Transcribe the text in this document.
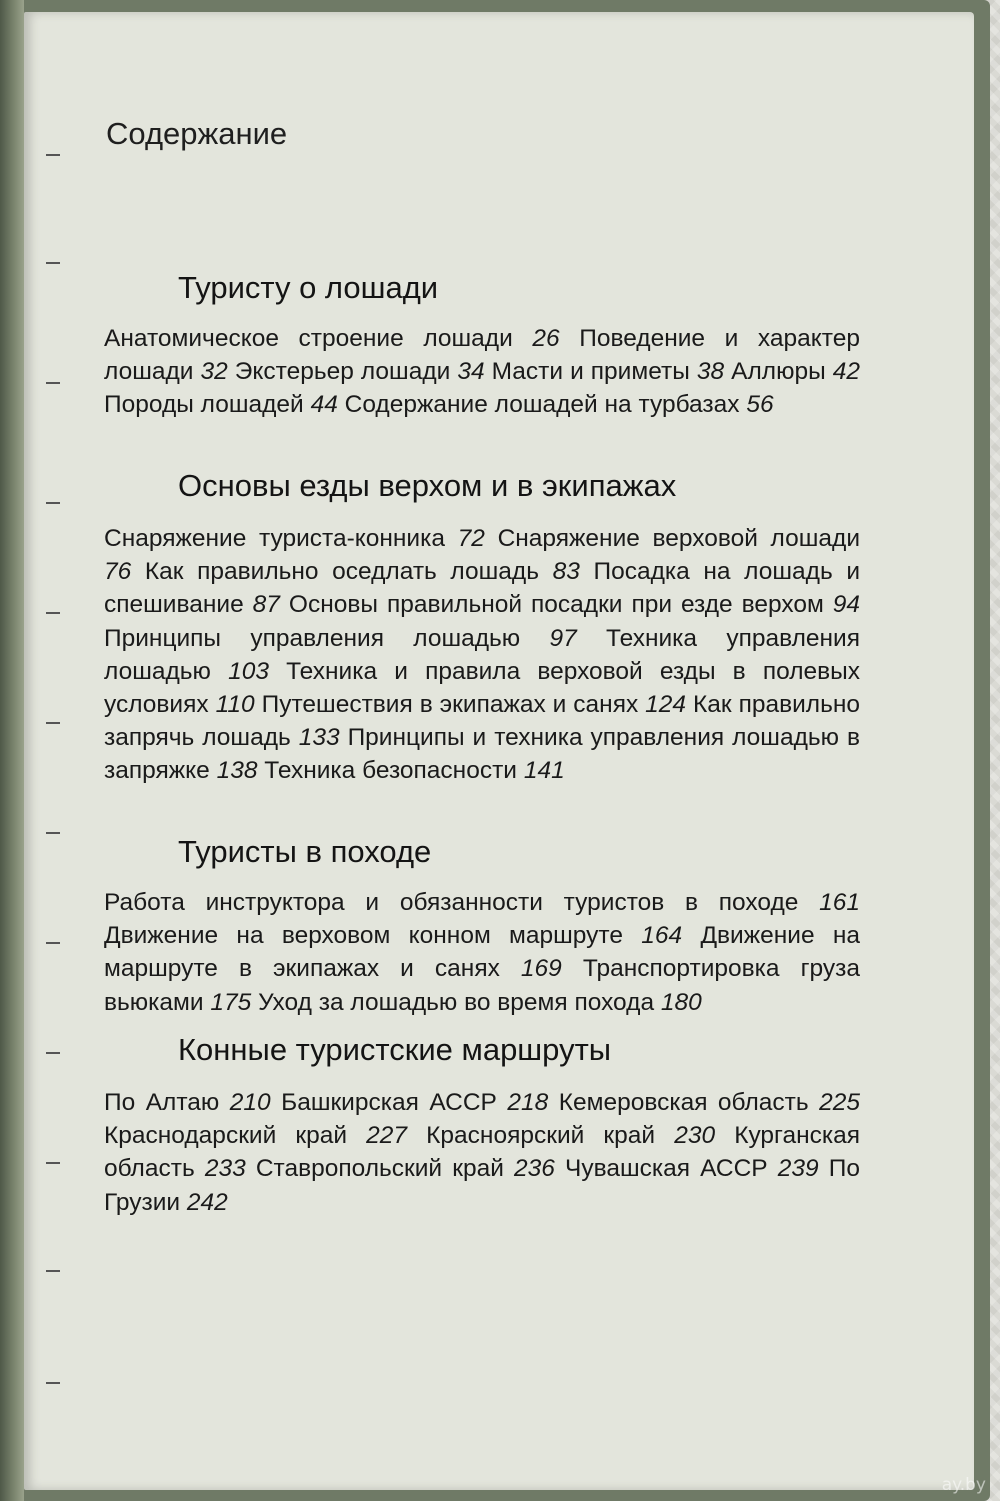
Содержание
Туристу о лошади

Анатомическое строение лошади 26 Поведение и характер лошади 32 Экстерьер лошади 34 Масти и приметы 38 Аллюры 42 Породы лошадей 44 Содержание лошадей на турбазах 56

Основы езды верхом и в экипажах

Снаряжение туриста-конника 72 Снаряжение верховой лошади 76 Как правильно оседлать лошадь 83 Посадка на лошадь и спешивание 87 Основы правильной посадки при езде верхом 94 Принципы управления лошадью 97 Техника управления лошадью 103 Техника и правила верховой езды в полевых условиях 110 Путешествия в экипажах и санях 124 Как правильно запрячь лошадь 133 Принципы и техника управления лошадью в запряжке 138 Техника безопасности 141

Туристы в походе

Работа инструктора и обязанности туристов в походе 161 Движение на верховом конном маршруте 164 Движение на маршруте в экипажах и санях 169 Транспортировка груза вьюками 175 Уход за лошадью во время похода 180

Конные туристские маршруты

По Алтаю 210 Башкирская АССР 218 Кемеровская область 225 Краснодарский край 227 Красноярский край 230 Курганская область 233 Ставропольский край 236 Чувашская АССР 239 По Грузии 242

ay.by
